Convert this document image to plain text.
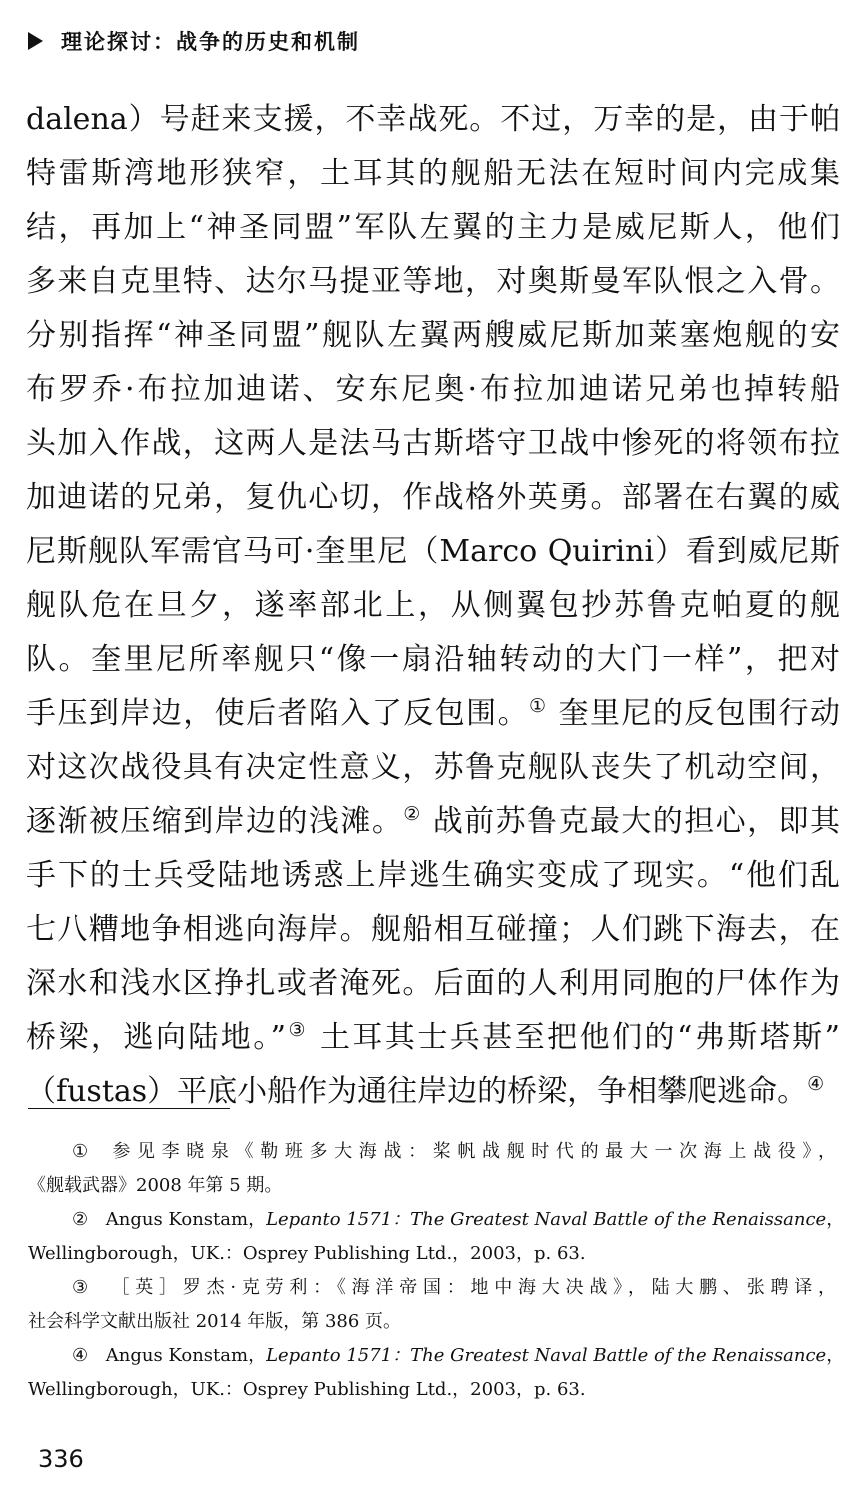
理论探讨：战争的历史和机制
dalena）号赶来支援，不幸战死。不过，万幸的是，由于帕
特雷斯湾地形狭窄，土耳其的舰船无法在短时间内完成集
结，再加上“神圣同盟”军队左翼的主力是威尼斯人，他们
多来自克里特、达尔马提亚等地，对奥斯曼军队恨之入骨。
分别指挥“神圣同盟”舰队左翼两艘威尼斯加莱塞炮舰的安
布罗乔·布拉加迪诺、安东尼奥·布拉加迪诺兄弟也掉转船
头加入作战，这两人是法马古斯塔守卫战中惨死的将领布拉
加迪诺的兄弟，复仇心切，作战格外英勇。部署在右翼的威
尼斯舰队军需官马可·奎里尼（Marco Quirini）看到威尼斯
舰队危在旦夕，遂率部北上，从侧翼包抄苏鲁克帕夏的舰
队。奎里尼所率舰只“像一扇沿轴转动的大门一样”，把对
手压到岸边，使后者陷入了反包围。① 奎里尼的反包围行动
对这次战役具有决定性意义，苏鲁克舰队丧失了机动空间，
逐渐被压缩到岸边的浅滩。② 战前苏鲁克最大的担心，即其
手下的士兵受陆地诱惑上岸逃生确实变成了现实。“他们乱
七八糟地争相逃向海岸。舰船相互碰撞；人们跳下海去，在
深水和浅水区挣扎或者淹死。后面的人利用同胞的尸体作为
桥梁，逃向陆地。”③ 土耳其士兵甚至把他们的“弗斯塔斯”
（fustas）平底小船作为通往岸边的桥梁，争相攀爬逃命。④
① 参见李晓泉《勒班多大海战：桨帆战舰时代的最大一次海上战役》，
《舰载武器》2008 年第 5 期。
② Angus Konstam，Lepanto 1571：The Greatest Naval Battle of the Renaissance，
Wellingborough，UK.：Osprey Publishing Ltd.，2003，p. 63.
③ ［英］罗杰·克劳利：《海洋帝国：地中海大决战》，陆大鹏、张聘译，
社会科学文献出版社 2014 年版，第 386 页。
④ Angus Konstam，Lepanto 1571：The Greatest Naval Battle of the Renaissance，
Wellingborough，UK.：Osprey Publishing Ltd.，2003，p. 63.
336
